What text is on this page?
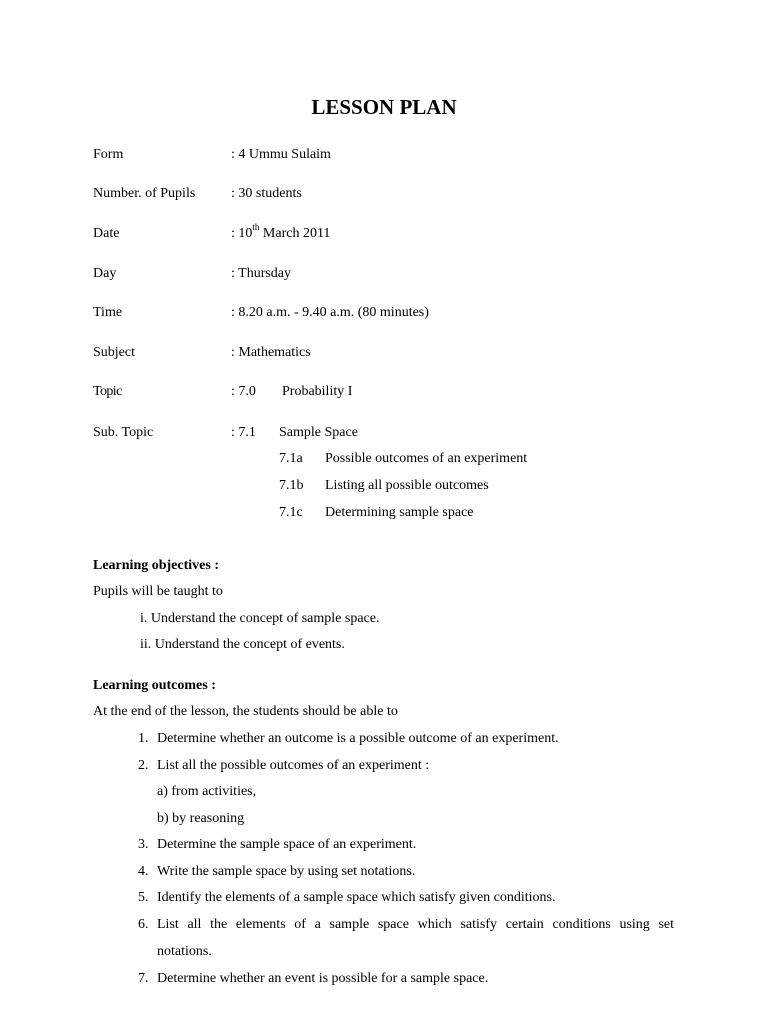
LESSON PLAN
Form	: 4 Ummu Sulaim
Number. of Pupils	: 30 students
Date	: 10th March 2011
Day	: Thursday
Time	: 8.20 a.m. - 9.40 a.m. (80 minutes)
Subject	: Mathematics
Topic	: 7.0 Probability I
Sub. Topic	: 7.1 Sample Space
7.1a Possible outcomes of an experiment
7.1b Listing all possible outcomes
7.1c Determining sample space
Learning objectives :
Pupils will be taught to
i. Understand the concept of sample space.
ii. Understand the concept of events.
Learning outcomes :
At the end of the lesson, the students should be able to
1. Determine whether an outcome is a possible outcome of an experiment.
2. List all the possible outcomes of an experiment :
a) from activities,
b) by reasoning
3. Determine the sample space of an experiment.
4. Write the sample space by using set notations.
5. Identify the elements of a sample space which satisfy given conditions.
6. List all the elements of a sample space which satisfy certain conditions using set
notations.
7. Determine whether an event is possible for a sample space.
